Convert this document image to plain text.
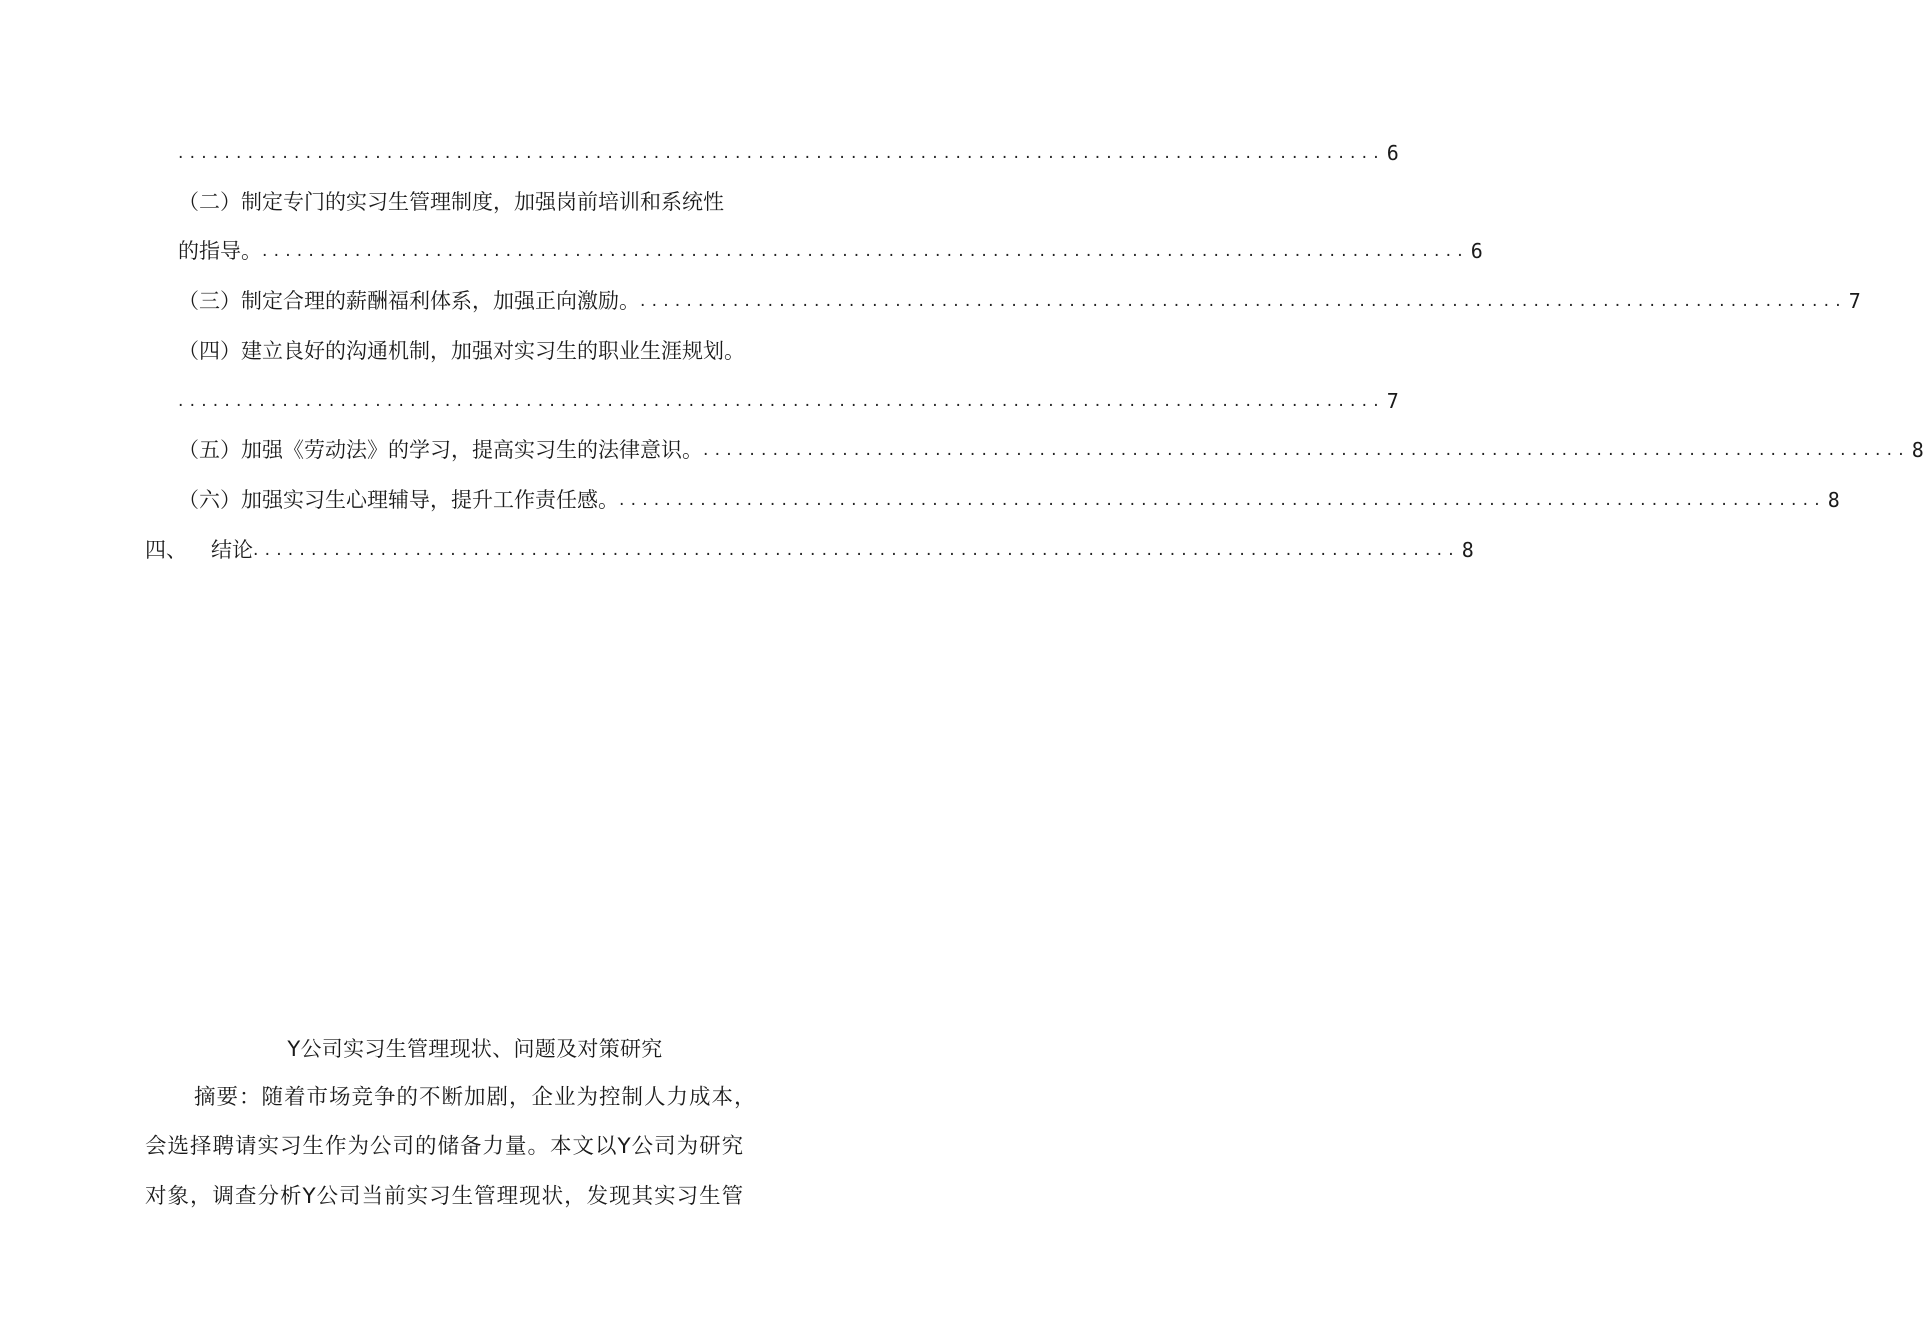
........................................................................................................ 6
（二）制定专门的实习生管理制度，加强岗前培训和系统性
的指导。 ........................................................................................................ 6
（三）制定合理的薪酬福利体系，加强正向激励。 ........................................................................................................ 7
（四）建立良好的沟通机制，加强对实习生的职业生涯规划。
........................................................................................................ 7
（五）加强《劳动法》的学习，提高实习生的法律意识。 ........................................................................................................ 8
（六）加强实习生心理辅导，提升工作责任感。 ........................................................................................................ 8
四、 结论 ........................................................................................................ 8
Y公司实习生管理现状、问题及对策研究
摘要：随着市场竞争的不断加剧，企业为控制人力成本，
会选择聘请实习生作为公司的储备力量。本文以Y公司为研究
对象，调查分析Y公司当前实习生管理现状，发现其实习生管
